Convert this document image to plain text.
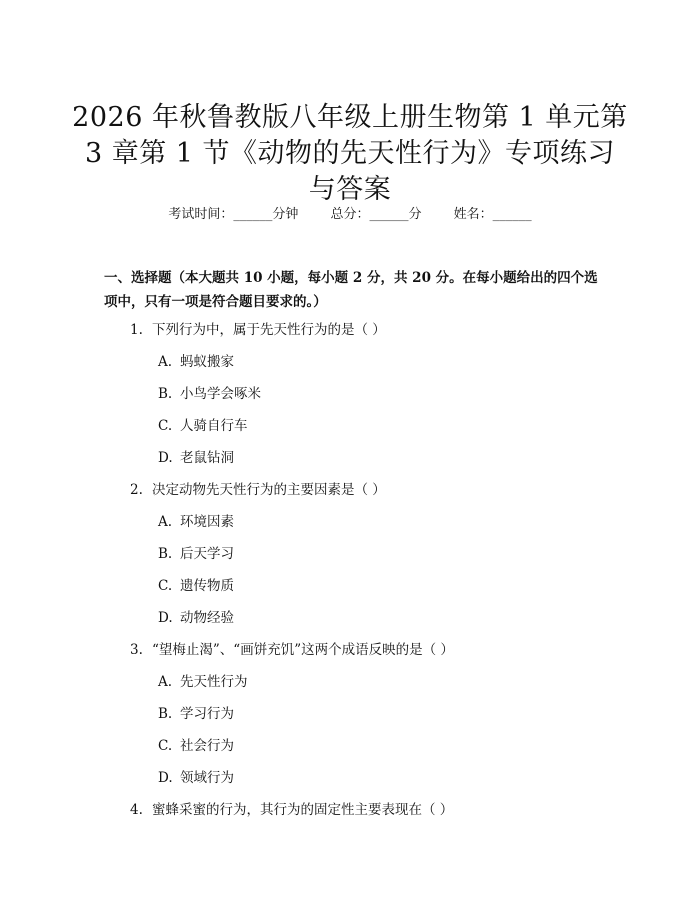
2026 年秋鲁教版八年级上册生物第 1 单元第
3 章第 1 节《动物的先天性行为》专项练习
与答案
考试时间：______分钟 总分：______分 姓名：______
一、选择题（本大题共 10 小题，每小题 2 分，共 20 分。在每小题给出的四个选项中，只有一项是符合题目要求的。）
1. 下列行为中，属于先天性行为的是（ ）
A. 蚂蚁搬家
B. 小鸟学会啄米
C. 人骑自行车
D. 老鼠钻洞
2. 决定动物先天性行为的主要因素是（ ）
A. 环境因素
B. 后天学习
C. 遗传物质
D. 动物经验
3. “望梅止渴”、“画饼充饥”这两个成语反映的是（ ）
A. 先天性行为
B. 学习行为
C. 社会行为
D. 领域行为
4. 蜜蜂采蜜的行为，其行为的固定性主要表现在（ ）
